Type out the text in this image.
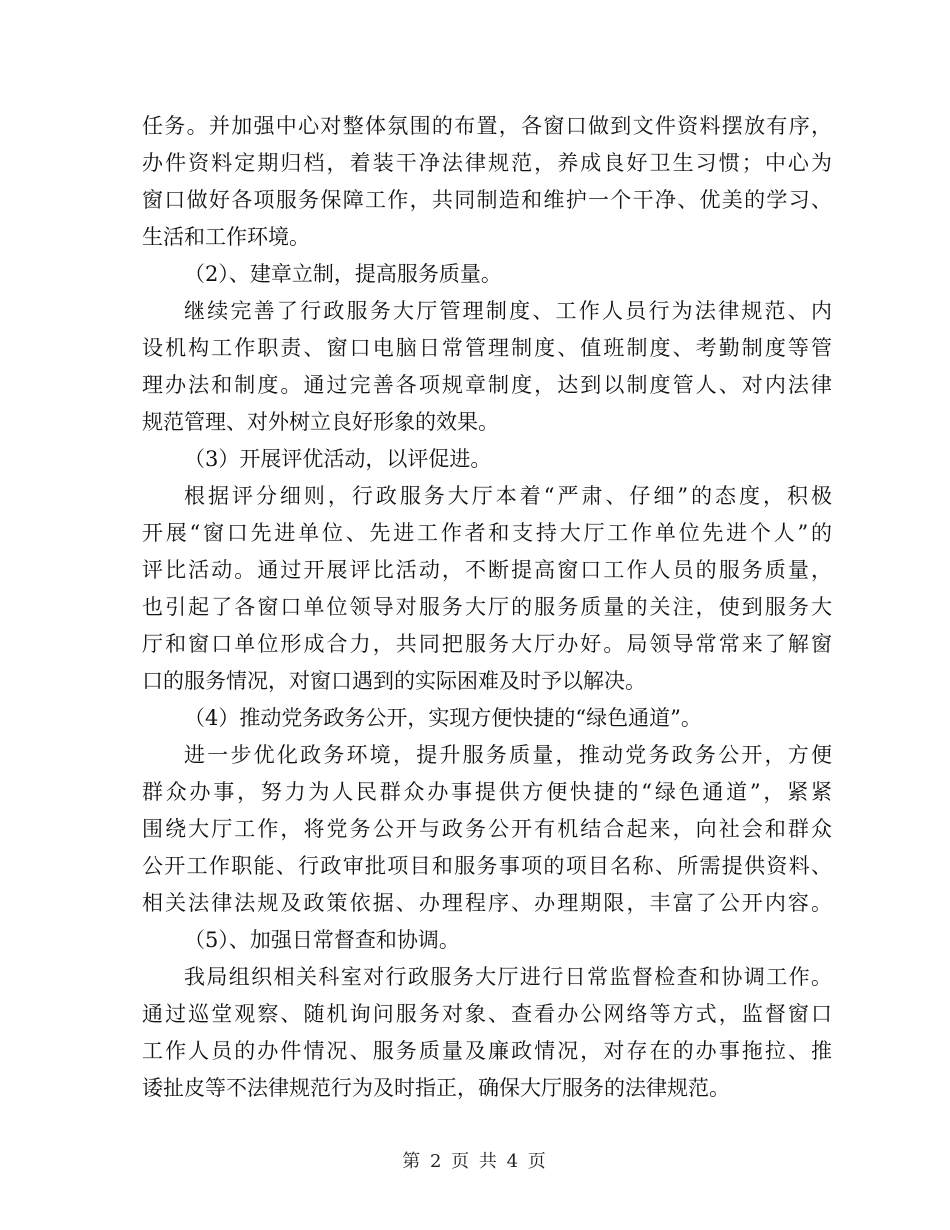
任务。并加强中心对整体氛围的布置，各窗口做到文件资料摆放有序，
办件资料定期归档，着装干净法律规范，养成良好卫生习惯；中心为
窗口做好各项服务保障工作，共同制造和维护一个干净、优美的学习、
生活和工作环境。
（2）、建章立制，提高服务质量。
继续完善了行政服务大厅管理制度、工作人员行为法律规范、内
设机构工作职责、窗口电脑日常管理制度、值班制度、考勤制度等管
理办法和制度。通过完善各项规章制度，达到以制度管人、对内法律
规范管理、对外树立良好形象的效果。
（3）开展评优活动，以评促进。
根据评分细则，行政服务大厅本着“严肃、仔细”的态度，积极
开展“窗口先进单位、先进工作者和支持大厅工作单位先进个人”的
评比活动。通过开展评比活动，不断提高窗口工作人员的服务质量，
也引起了各窗口单位领导对服务大厅的服务质量的关注，使到服务大
厅和窗口单位形成合力，共同把服务大厅办好。局领导常常来了解窗
口的服务情况，对窗口遇到的实际困难及时予以解决。
（4）推动党务政务公开，实现方便快捷的“绿色通道”。
进一步优化政务环境，提升服务质量，推动党务政务公开，方便
群众办事，努力为人民群众办事提供方便快捷的“绿色通道”，紧紧
围绕大厅工作，将党务公开与政务公开有机结合起来，向社会和群众
公开工作职能、行政审批项目和服务事项的项目名称、所需提供资料、
相关法律法规及政策依据、办理程序、办理期限，丰富了公开内容。
（5）、加强日常督查和协调。
我局组织相关科室对行政服务大厅进行日常监督检查和协调工作。
通过巡堂观察、随机询问服务对象、查看办公网络等方式，监督窗口
工作人员的办件情况、服务质量及廉政情况，对存在的办事拖拉、推
诿扯皮等不法律规范行为及时指正，确保大厅服务的法律规范。
第 2 页 共 4 页
